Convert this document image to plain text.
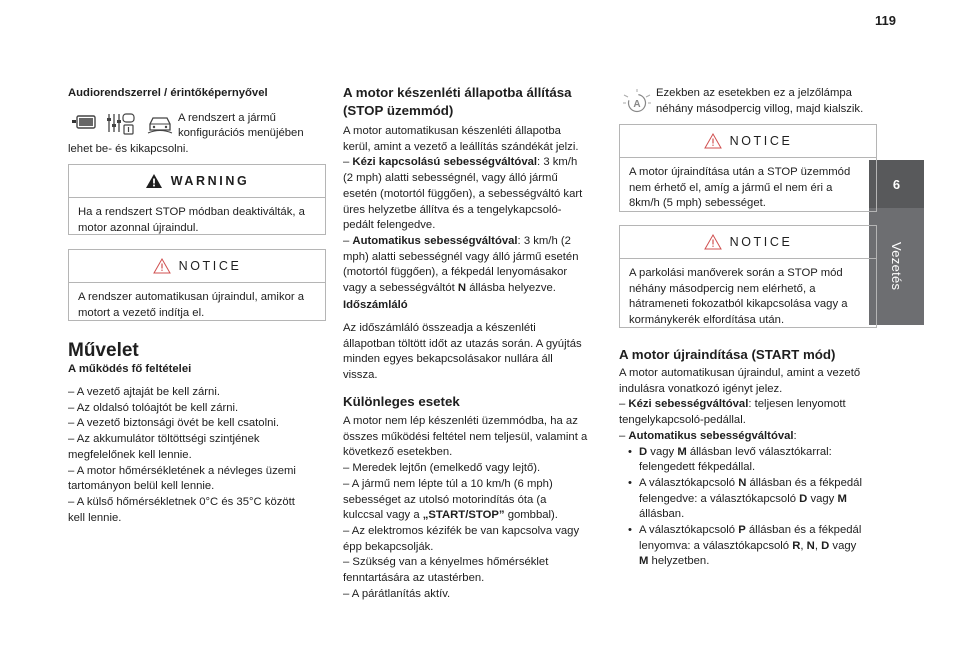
119
6
Vezetés

Audiorendszerrel / érintőképernyővel

A rendszert a jármű

konfigurációs menüjében

lehet be- és kikapcsolni.

WARNING

Ha a rendszert STOP módban deaktiválták, a

motor azonnal újraindul.

NOTICE

A rendszer automatikusan újraindul, amikor a

motort a vezető indítja el.

Művelet

A működés fő feltételei

– A vezető ajtaját be kell zárni.

– Az oldalsó tolóajtót be kell zárni.

– A vezető biztonsági övét be kell csatolni.

– Az akkumulátor töltöttségi szintjének

megfelelőnek kell lennie.

– A motor hőmérsékletének a névleges üzemi

tartományon belül kell lennie.

– A külső hőmérsékletnek 0°C és 35°C között

kell lennie.

A motor készenléti állapotba állítása

(STOP üzemmód)

A motor automatikusan készenléti állapotba

kerül, amint a vezető a leállítás szándékát jelzi.

– Kézi kapcsolású sebességváltóval: 3 km/h

(2 mph) alatti sebességnél, vagy álló jármű

esetén (motortól függően), a sebességváltó kart

üres helyzetbe állítva és a tengelykapcsoló-

pedált felengedve.

– Automatikus sebességváltóval: 3 km/h (2

mph) alatti sebességnél vagy álló jármű esetén

(motortól függően), a fékpedál lenyomásakor

vagy a sebességváltót N állásba helyezve.

Időszámláló

Az időszámláló összeadja a készenléti

állapotban töltött időt az utazás során. A gyújtás

minden egyes bekapcsolásakor nullára áll

vissza.

Különleges esetek

A motor nem lép készenléti üzemmódba, ha az

összes működési feltétel nem teljesül, valamint a

következő esetekben.

– Meredek lejtőn (emelkedő vagy lejtő).

– A jármű nem lépte túl a 10 km/h (6 mph)

sebességet az utolsó motorindítás óta (a

kulccsal vagy a „START/STOP” gombbal).

– Az elektromos kézifék be van kapcsolva vagy

épp bekapcsolják.

– Szükség van a kényelmes hőmérséklet

fenntartására az utastérben.

– A párátlanítás aktív.

A

Ezekben az esetekben ez a jelzőlámpa

néhány másodpercig villog, majd kialszik.

NOTICE

A motor újraindítása után a STOP üzemmód

nem érhető el, amíg a jármű el nem éri a

8km/h (5 mph) sebességet.

NOTICE

A parkolási manőverek során a STOP mód

néhány másodpercig nem elérhető, a

hátrameneti fokozatból kikapcsolása vagy a

kormánykerék elfordítása után.

A motor újraindítása (START mód)

A motor automatikusan újraindul, amint a vezető

indulásra vonatkozó igényt jelez.

– Kézi sebességváltóval: teljesen lenyomott

tengelykapcsoló-pedállal.

– Automatikus sebességváltóval:

• D vagy M állásban levő választókarral:

felengedett fékpedállal.

• A választókapcsoló N állásban és a fékpedál

felengedve: a választókapcsoló D vagy M

állásban.

• A választókapcsoló P állásban és a fékpedál

lenyomva: a választókapcsoló R, N, D vagy

M helyzetben.
